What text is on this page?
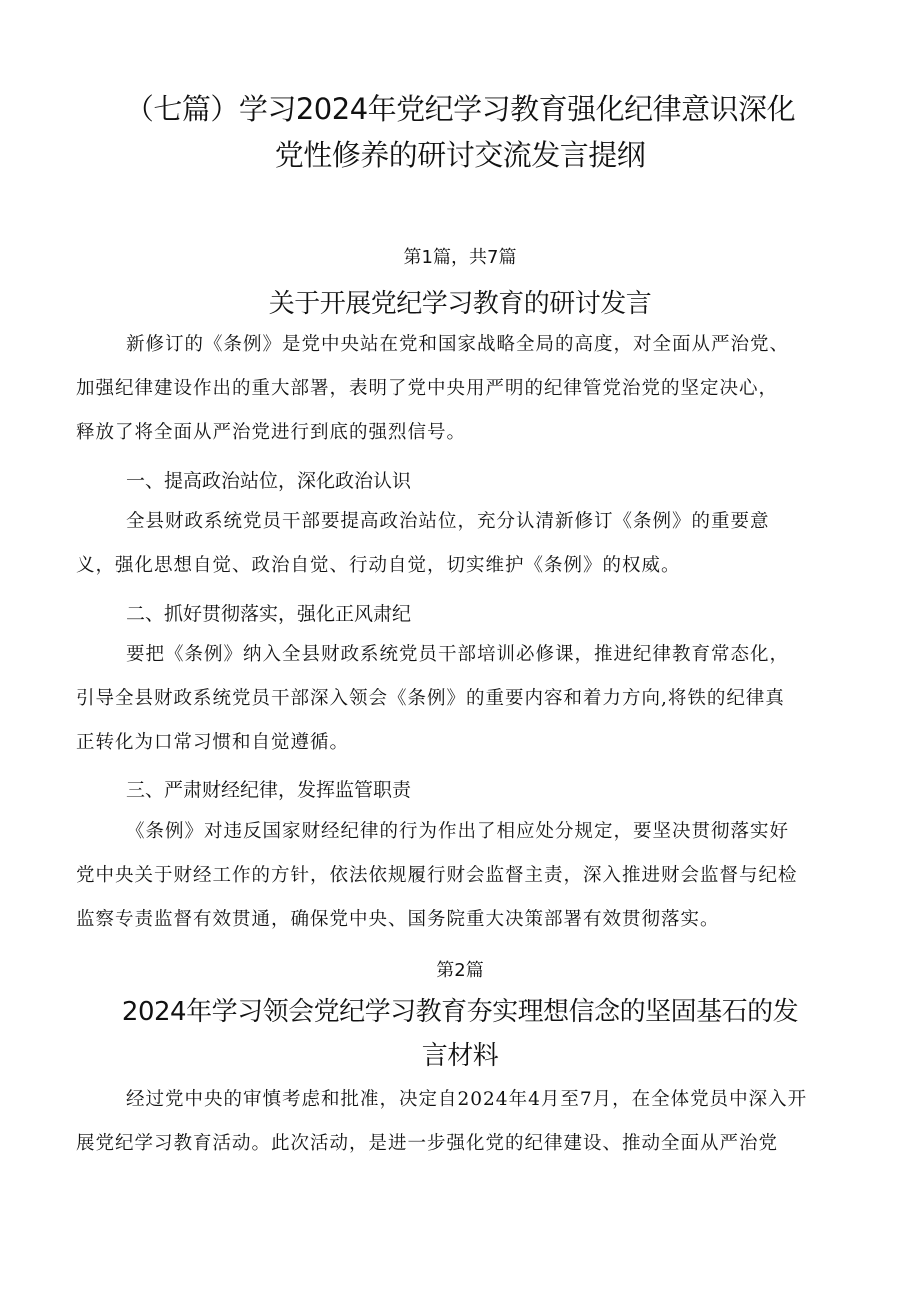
（七篇）学习2024年党纪学习教育强化纪律意识深化
党性修养的研讨交流发言提纲
第1篇，共7篇
关于开展党纪学习教育的研讨发言
新修订的《条例》是党中央站在党和国家战略全局的高度，对全面从严治党、
加强纪律建设作出的重大部署，表明了党中央用严明的纪律管党治党的坚定决心，
释放了将全面从严治党进行到底的强烈信号。
一、提高政治站位，深化政治认识
全县财政系统党员干部要提高政治站位，充分认清新修订《条例》的重要意
义，强化思想自觉、政治自觉、行动自觉，切实维护《条例》的权威。
二、抓好贯彻落实，强化正风肃纪
要把《条例》纳入全县财政系统党员干部培训必修课，推进纪律教育常态化，
引导全县财政系统党员干部深入领会《条例》的重要内容和着力方向,将铁的纪律真
正转化为口常习惯和自觉遵循。
三、严肃财经纪律，发挥监管职责
《条例》对违反国家财经纪律的行为作出了相应处分规定，要坚决贯彻落实好
党中央关于财经工作的方针，依法依规履行财会监督主责，深入推进财会监督与纪检
监察专责监督有效贯通，确保党中央、国务院重大决策部署有效贯彻落实。
第2篇
2024年学习领会党纪学习教育夯实理想信念的坚固基石的发
言材料
经过党中央的审慎考虑和批准，决定自2024年4月至7月，在全体党员中深入开
展党纪学习教育活动。此次活动，是进一步强化党的纪律建设、推动全面从严治党
